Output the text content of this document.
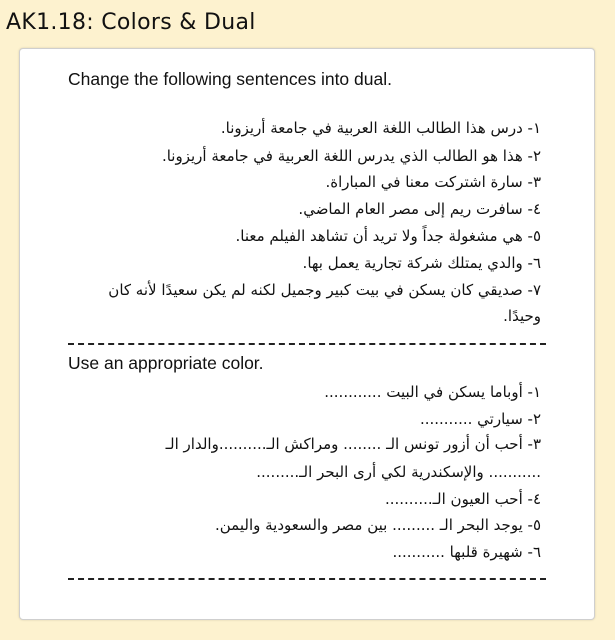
AK1.18: Colors & Dual
Change the following sentences into dual.
١- درس هذا الطالب اللغة العربية في جامعة أريزونا.
٢- هذا هو الطالب الذي يدرس اللغة العربية في جامعة أريزونا.
٣- سارة اشتركت معنا في المباراة.
٤- سافرت ريم إلى مصر العام الماضي.
٥- هي مشغولة جداً ولا تريد أن تشاهد الفيلم معنا.
٦- والدي يمتلك شركة تجارية يعمل بها.
٧- صديقي كان يسكن في بيت كبير وجميل لكنه لم يكن سعيدًا لأنه كان
وحيدًا.
Use an appropriate color.
١- أوباما يسكن في البيت ............
٢- سيارتي ...........
٣- أحب أن أزور تونس الـ ........ ومراكش الـ..........والدار الـ
........... والإسكندرية لكي أرى البحر الـ.........
٤- أحب العيون الـ..........
٥- يوجد البحر الـ ......... بين مصر والسعودية واليمن.
٦- شهيرة قلبها ...........
